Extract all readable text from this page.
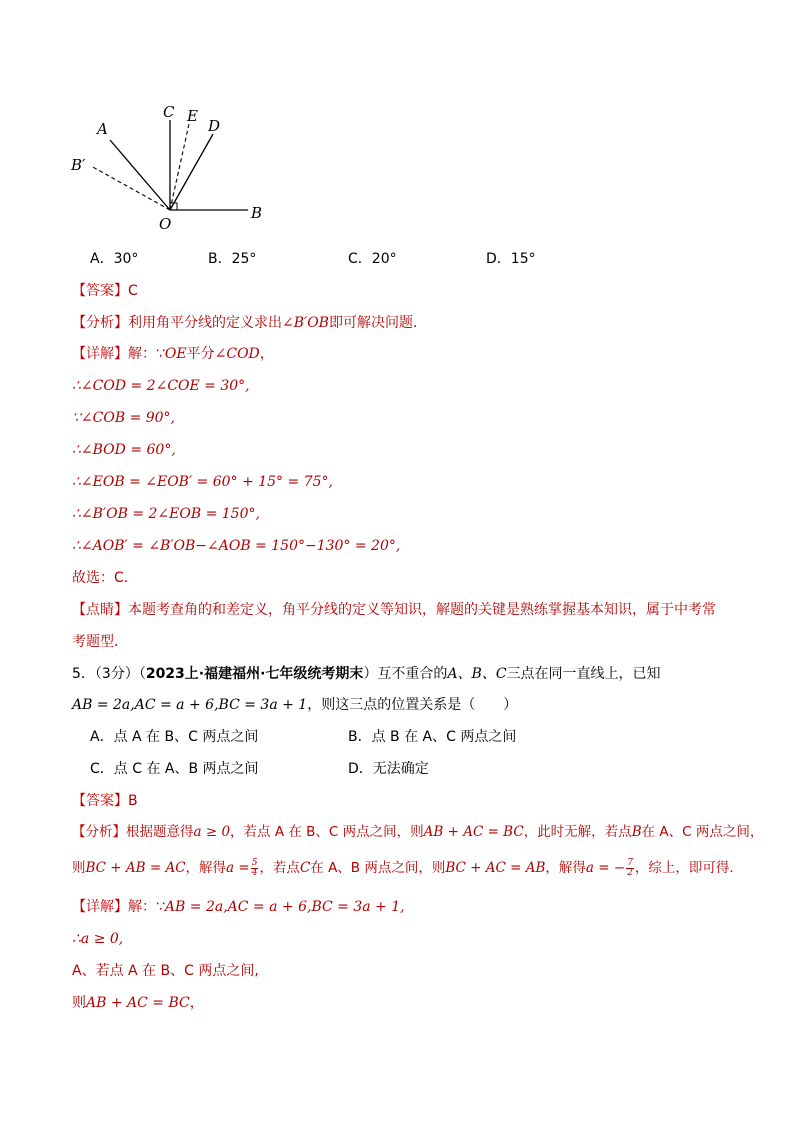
C E
A	D
B′
O
B
A．30°	B．25°	C．20°	D．15°
【答案】C
【分析】利用角平分线的定义求出∠B′OB即可解决问题．
【详解】解：∵OE平分∠COD，
∴∠COD = 2∠COE = 30°,
∵∠COB = 90°,
∴∠BOD = 60°,
∴∠EOB = ∠EOB′ = 60° + 15° = 75°,
∴∠B′OB = 2∠EOB = 150°,
∴∠AOB′ = ∠B′OB−∠AOB = 150°−130° = 20°,
故选：C．
【点睛】本题考查角的和差定义，角平分线的定义等知识，解题的关键是熟练掌握基本知识，属于中考常
考题型．
5．（3分）（2023上·福建福州·七年级统考期末）互不重合的A、B、C三点在同一直线上，已知
AB = 2a,AC = a + 6,BC = 3a + 1，则这三点的位置关系是（　　）
A．点 A 在 B、C 两点之间	B．点 B 在 A、C 两点之间
C．点 C 在 A、B 两点之间	D．无法确定
【答案】B
【分析】根据题意得a ≥ 0，若点 A 在 B、C 两点之间，则AB + AC = BC，此时无解，若点B在 A、C 两点之间，
则BC + AB = AC，解得$a = \frac{5}{4}$ ，若点C在 A、B 两点之间，则BC + AC = AB，解得a = − $\frac{7}{2}$ ，综上，即可得．
【详解】解：∵AB = 2a,AC = a + 6,BC = 3a + 1,
∴a ≥ 0,
A、若点 A 在 B、C 两点之间,
则AB + AC = BC，
